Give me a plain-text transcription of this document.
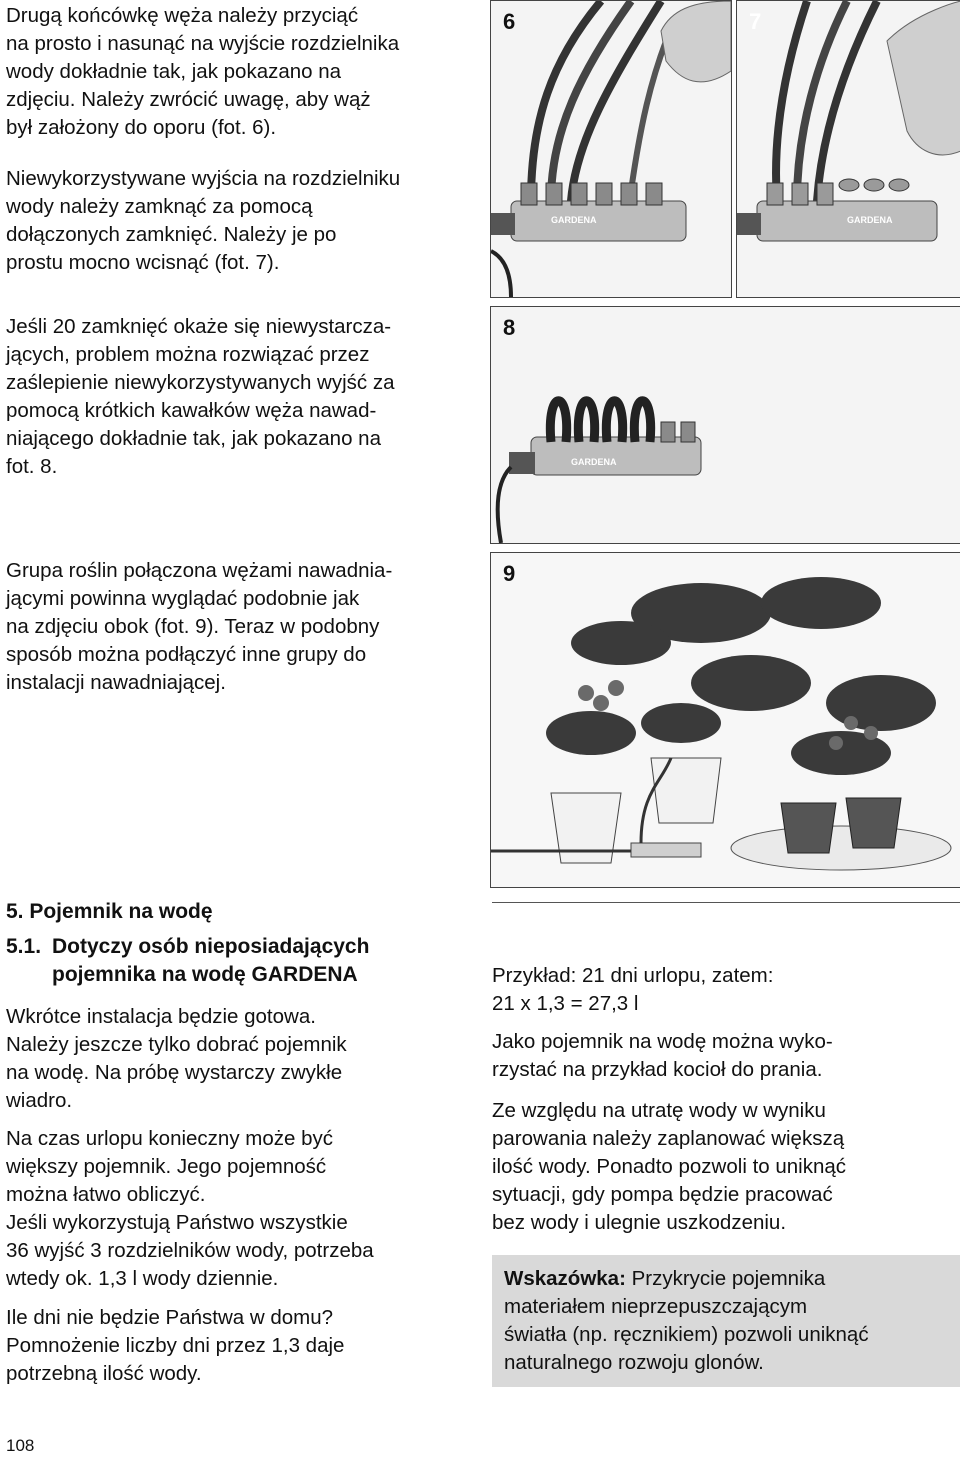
Drugą końcówkę węża należy przyciąć
na prosto i nasunąć na wyjście rozdzielnika
wody dokładnie tak, jak pokazano na
zdjęciu. Należy zwrócić uwagę, aby wąż
był założony do oporu (fot. 6).

Niewykorzystywane wyjścia na rozdzielniku
wody należy zamknąć za pomocą
dołączonych zamknięć. Należy je po
prostu mocno wcisnąć (fot. 7).

Jeśli 20 zamknięć okaże się niewystarcza-
jących, problem można rozwiązać przez
zaślepienie niewykorzystywanych wyjść za
pomocą krótkich kawałków węża nawad-
niającego dokładnie tak, jak pokazano na
fot. 8.

Grupa roślin połączona wężami nawadnia-
jącymi powinna wyglądać podobnie jak
na zdjęciu obok (fot. 9). Teraz w podobny
sposób można podłączyć inne grupy do
instalacji nawadniającej.

6
GARDENA
7
GARDENA
8
GARDENA
9
5. Pojemnik na wodę
5.1. Dotyczy osób nieposiadających
pojemnika na wodę GARDENA

Wkrótce instalacja będzie gotowa.
Należy jeszcze tylko dobrać pojemnik
na wodę. Na próbę wystarczy zwykłe
wiadro.

Na czas urlopu konieczny może być
większy pojemnik. Jego pojemność
można łatwo obliczyć.
Jeśli wykorzystują Państwo wszystkie
36 wyjść 3 rozdzielników wody, potrzeba
wtedy ok. 1,3 l wody dziennie.

Ile dni nie będzie Państwa w domu?
Pomnożenie liczby dni przez 1,3 daje
potrzebną ilość wody.

Przykład: 21 dni urlopu, zatem:
21 x 1,3 = 27,3 l

Jako pojemnik na wodę można wyko-
rzystać na przykład kocioł do prania.

Ze względu na utratę wody w wyniku
parowania należy zaplanować większą
ilość wody. Ponadto pozwoli to uniknąć
sytuacji, gdy pompa będzie pracować
bez wody i ulegnie uszkodzeniu.

Wskazówka: Przykrycie pojemnika
materiałem nieprzepuszczającym
światła (np. ręcznikiem) pozwoli uniknąć
naturalnego rozwoju glonów.
108
